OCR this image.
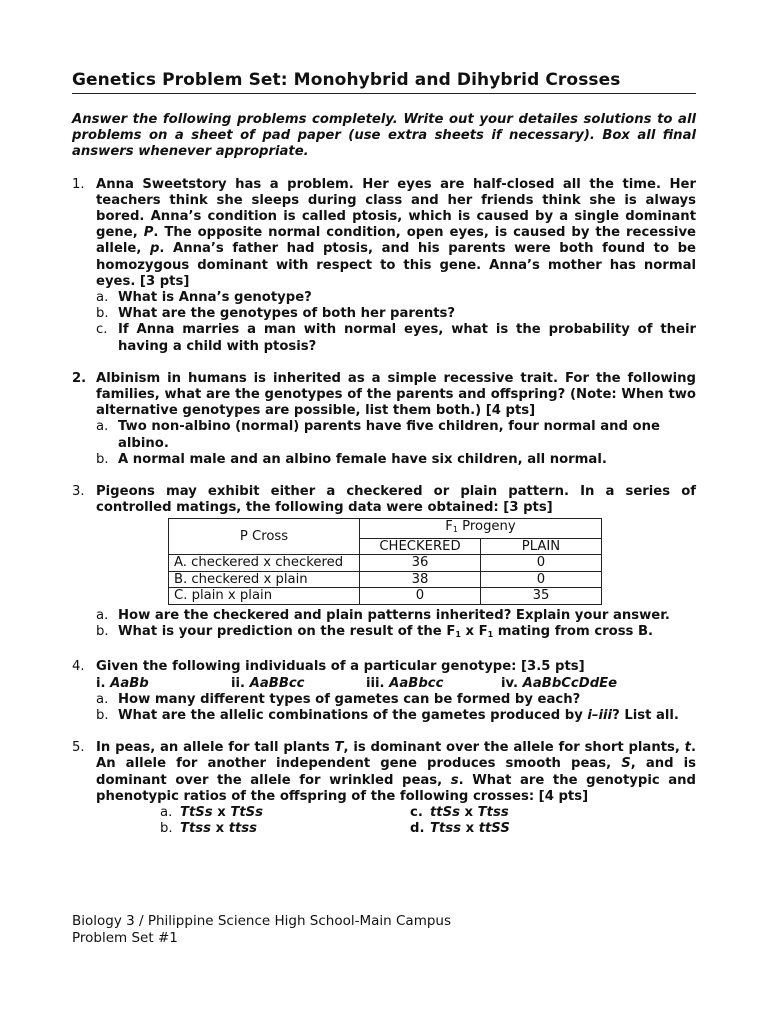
Genetics Problem Set: Monohybrid and Dihybrid Crosses
Answer the following problems completely. Write out your detailes solutions to all problems on a sheet of pad paper (use extra sheets if necessary). Box all final answers whenever appropriate.
1. Anna Sweetstory has a problem. Her eyes are half-closed all the time. Her teachers think she sleeps during class and her friends think she is always bored. Anna’s condition is called ptosis, which is caused by a single dominant gene, P. The opposite normal condition, open eyes, is caused by the recessive allele, p. Anna’s father had ptosis, and his parents were both found to be homozygous dominant with respect to this gene. Anna’s mother has normal eyes. [3 pts]
a. What is Anna’s genotype?
b. What are the genotypes of both her parents?
c. If Anna marries a man with normal eyes, what is the probability of their having a child with ptosis?
2. Albinism in humans is inherited as a simple recessive trait. For the following families, what are the genotypes of the parents and offspring? (Note: When two alternative genotypes are possible, list them both.) [4 pts]
a. Two non-albino (normal) parents have five children, four normal and one albino.
b. A normal male and an albino female have six children, all normal.
3. Pigeons may exhibit either a checkered or plain pattern. In a series of controlled matings, the following data were obtained: [3 pts]
P Cross	$F_1$ Progeny	
	CHECKERED	PLAIN
A. checkered x checkered	36	0
B. checkered x plain	38	0
C. plain x plain	0	35
a. How are the checkered and plain patterns inherited? Explain your answer.
b. What is your prediction on the result of the $F_1$ x $F_1$ mating from cross B.
4. Given the following individuals of a particular genotype: [3.5 pts]
i. AaBb	ii. AaBBcc	iii. AaBbcc	iv. AaBbCcDdEe
a. How many different types of gametes can be formed by each?
b. What are the allelic combinations of the gametes produced by i–iii? List all.
5. In peas, an allele for tall plants T, is dominant over the allele for short plants, t. An allele for another independent gene produces smooth peas, S, and is dominant over the allele for wrinkled peas, s. What are the genotypic and phenotypic ratios of the offspring of the following crosses: [4 pts]
a. TtSs x TtSs	c. ttSs x Ttss
b. Ttss x ttss	d. Ttss x ttSS
Biology 3 / Philippine Science High School-Main Campus
Problem Set #1
